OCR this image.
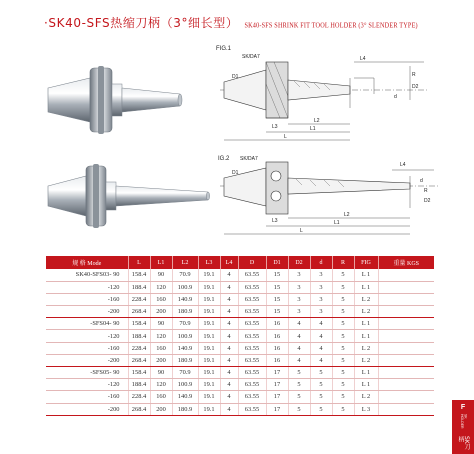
·SK40-SFS热缩刀柄（3°细长型） SK40-SFS SHRINK FIT TOOL HOLDER (3° SLENDER TYPE)
FIG.1
SK/DA7
D1
L4
L2
L3	L1
L
d
R
D2
IG.2 SK/DA7
D1
L4
L2
L3	L1
L
d
R
D2
规 格 Mode	L	L1	L2	L3	L4	D	D1	D2	d	R	FIG	重量 KGS
SK40-SFS03- 90	158.4	90	70.9	19.1	4	63.55	15	3	3	5	L 1	
-120	188.4	120	100.9	19.1	4	63.55	15	3	3	5	L 1	
-160	228.4	160	140.9	19.1	4	63.55	15	3	3	5	L 2	
-200	268.4	200	180.9	19.1	4	63.55	15	3	3	5	L 2	
-SFS04- 90	158.4	90	70.9	19.1	4	63.55	16	4	4	5	L 1	
-120	188.4	120	100.9	19.1	4	63.55	16	4	4	5	L 1	
-160	228.4	160	140.9	19.1	4	63.55	16	4	4	5	L 2	
-200	268.4	200	180.9	19.1	4	63.55	16	4	4	5	L 2	
-SFS05- 90	158.4	90	70.9	19.1	4	63.55	17	5	5	5	L 1	
-120	188.4	120	100.9	19.1	4	63.55	17	5	5	5	L 1	
-160	228.4	160	140.9	19.1	4	63.55	17	5	5	5	L 2	
-200	268.4	200	180.9	19.1	4	63.55	17	5	5	5	L 3		F
SK HOLDER
SK刀柄
